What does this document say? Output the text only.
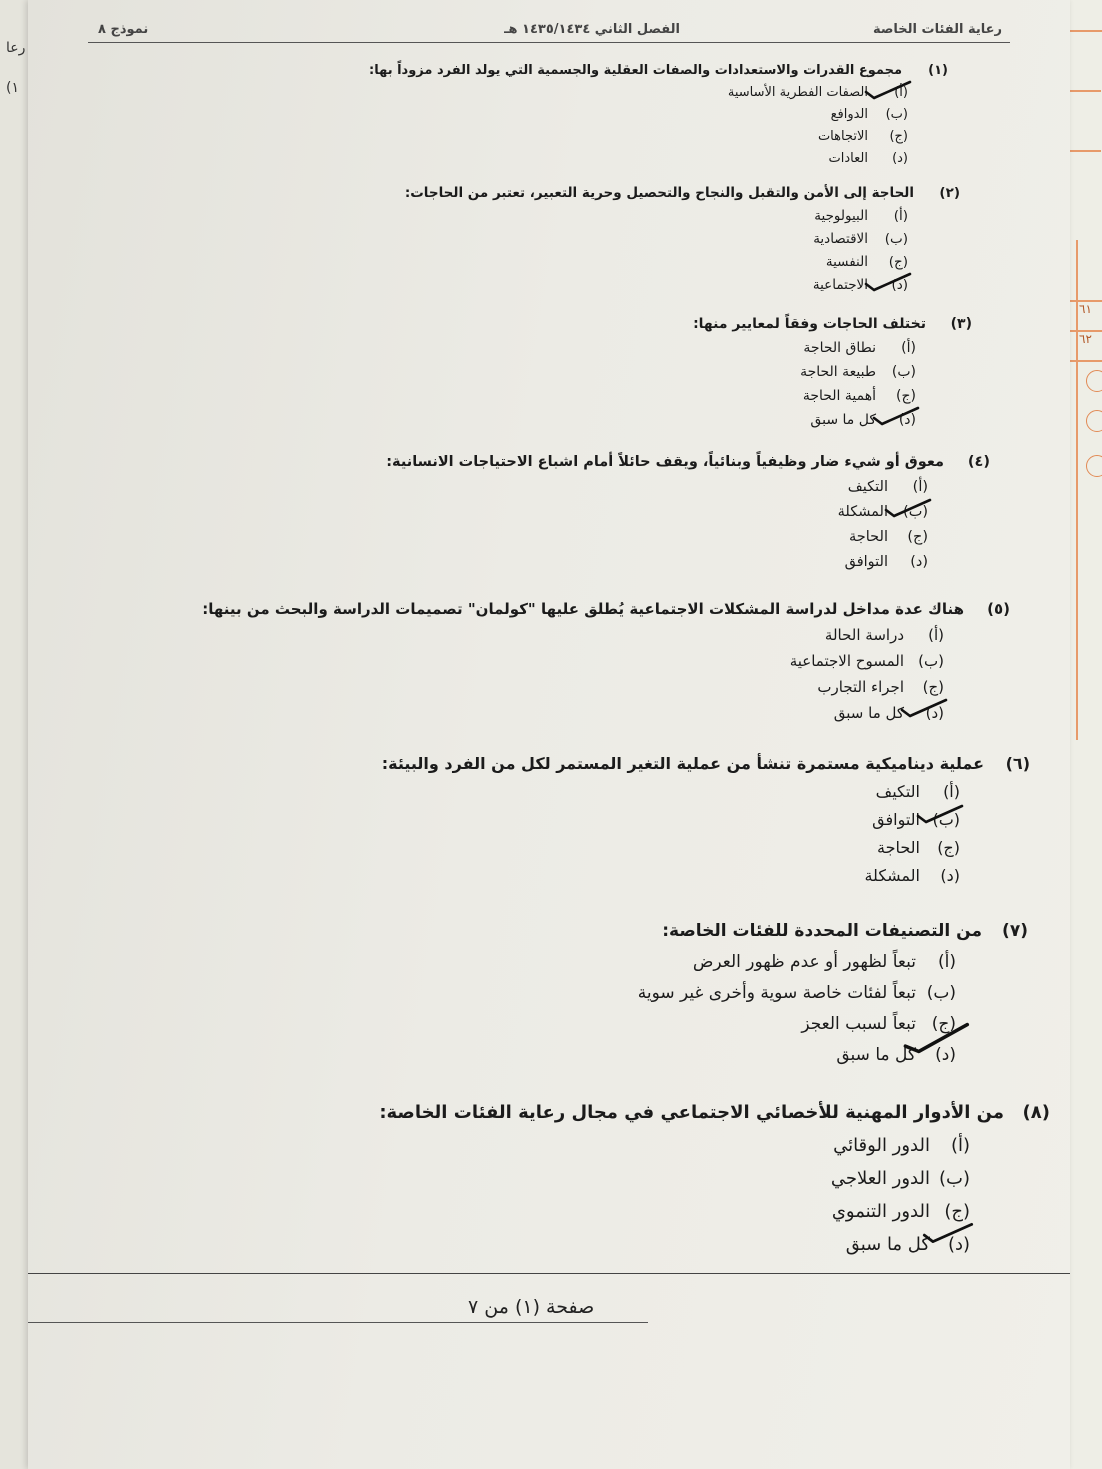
رعا
(١
٦١
٦٢
رعاية الفئات الخاصة
الفصل الثاني ١٤٣٥/١٤٣٤ هـ
نموذج ٨
(١)
مجموع القدرات والاستعدادات والصفات العقلية والجسمية التي يولد الفرد مزوداً بها:
(أ)
الصفات الفطرية الأساسية
(ب)
الدوافع
(ج)
الاتجاهات
(د)
العادات
(٢)
الحاجة إلى الأمن والتقبل والنجاح والتحصيل وحرية التعبير، تعتبر من الحاجات:
(أ)
البيولوجية
(ب)
الاقتصادية
(ج)
النفسية
(د)
الاجتماعية
(٣)
تختلف الحاجات وفقاً لمعايير منها:
(أ)
نطاق الحاجة
(ب)
طبيعة الحاجة
(ج)
أهمية الحاجة
(د)
كل ما سبق
(٤)
معوق أو شيء ضار وظيفياً وبنائياً، ويقف حائلاً أمام اشباع الاحتياجات الانسانية:
(أ)
التكيف
(ب)
المشكلة
(ج)
الحاجة
(د)
التوافق
(٥)
هناك عدة مداخل لدراسة المشكلات الاجتماعية يُطلق عليها "كولمان" تصميمات الدراسة والبحث من بينها:
(أ)
دراسة الحالة
(ب)
المسوح الاجتماعية
(ج)
اجراء التجارب
(د)
كل ما سبق
(٦)
عملية ديناميكية مستمرة تنشأ من عملية التغير المستمر لكل من الفرد والبيئة:
(أ)
التكيف
(ب)
التوافق
(ج)
الحاجة
(د)
المشكلة
(٧)
من التصنيفات المحددة للفئات الخاصة:
(أ)
تبعاً لظهور أو عدم ظهور العرض
(ب)
تبعاً لفئات خاصة سوية وأخرى غير سوية
(ج)
تبعاً لسبب العجز
(د)
كل ما سبق
(٨)
من الأدوار المهنية للأخصائي الاجتماعي في مجال رعاية الفئات الخاصة:
(أ)
الدور الوقائي
(ب)
الدور العلاجي
(ج)
الدور التنموي
(د)
كل ما سبق
صفحة (١) من ٧
